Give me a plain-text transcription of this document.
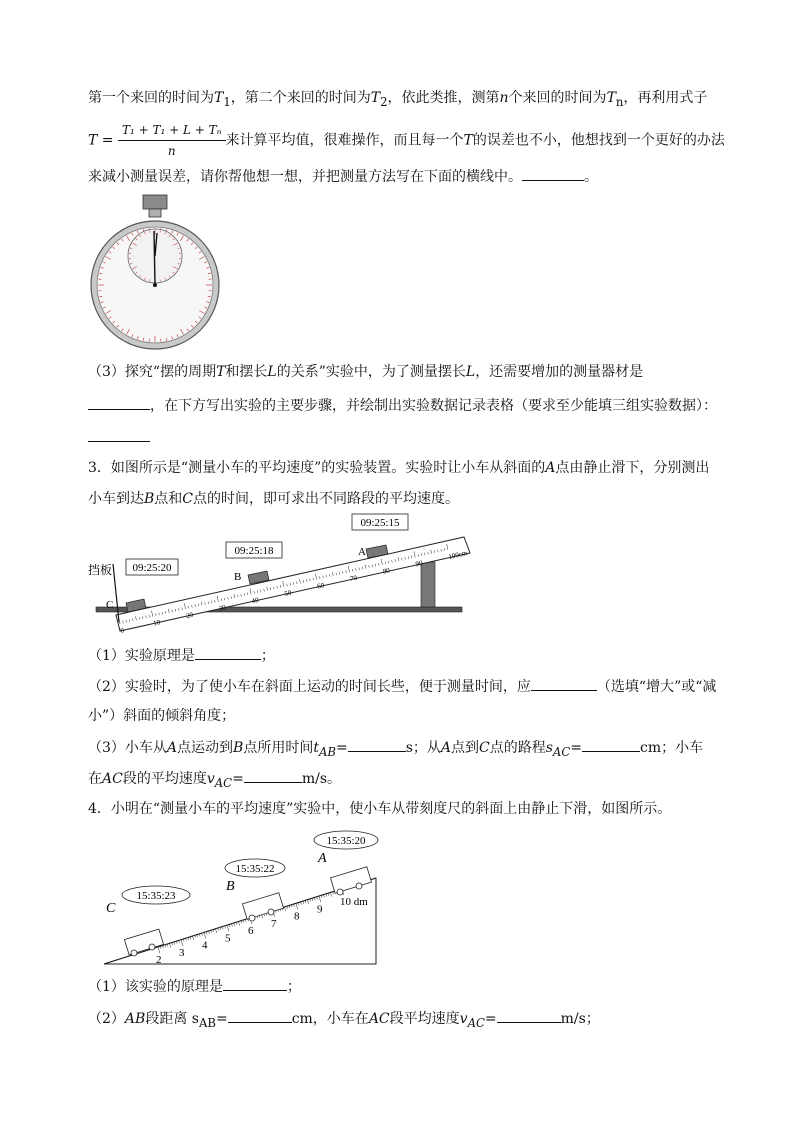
第一个来回的时间为$T_1$，第二个来回的时间为$T_2$，依此类推，测第n个来回的时间为$T_n$，再利用式子
$T = \frac{\text{T₁ + T₁ + L + Tₙ}}{n}$ 来计算平均值，很难操作，而且每一个T的误差也不小，他想找到一个更好的办法
来减小测量误差，请你帮他想一想，并把测量方法写在下面的横线中。	。
（3）探究“摆的周期T和摆长L的关系”实验中，为了测量摆长L，还需要增加的测量器材是
，在下方写出实验的主要步骤，并绘制出实验数据记录表格（要求至少能填三组实验数据）：
3．如图所示是“测量小车的平均速度”的实验装置。实验时让小车从斜面的A点由静止滑下，分别测出
小车到达B点和C点的时间，即可求出不同路段的平均速度。
09:25:20
09:25:18
09:25:15
挡板
C
B
A
0
10
20
30
40
50
60
70
80
90
100cm
（1）实验原理是	；
（2）实验时，为了使小车在斜面上运动的时间长些，便于测量时间，应	（选填“增大”或“减
小”）斜面的倾斜角度；
（3）小车从A点运动到B点所用时间$t_{AB}=$	s；从A点到C点的路程$s_{AC}=$	cm；小车
在AC段的平均速度$v_{AC}=$	m/s。
4．小明在“测量小车的平均速度”实验中，使小车从带刻度尺的斜面上由静止下滑，如图所示。
15:35:23
15:35:22
15:35:20
C
B
A
2
3
4
5
6
7
8
9
10 dm
（1）该实验的原理是	；
（2）AB段距离 $s_{AB}=$	cm，小车在AC段平均速度$v_{AC}=$	m/s；
